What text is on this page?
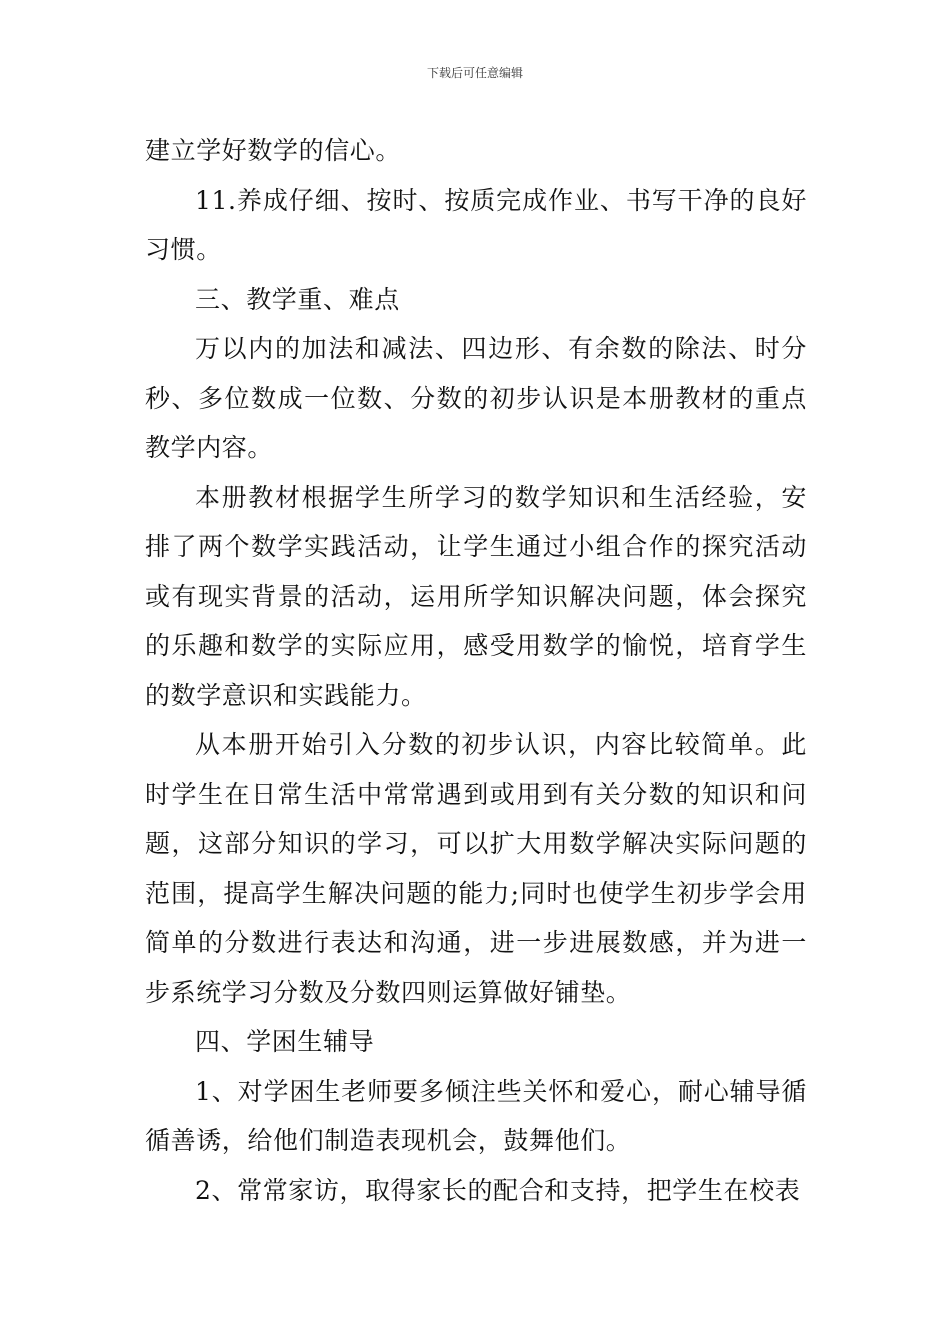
下载后可任意编辑

建立学好数学的信心。

11.养成仔细、按时、按质完成作业、书写干净的良好习惯。

三、教学重、难点

万以内的加法和减法、四边形、有余数的除法、时分秒、多位数成一位数、分数的初步认识是本册教材的重点教学内容。

本册教材根据学生所学习的数学知识和生活经验，安排了两个数学实践活动，让学生通过小组合作的探究活动或有现实背景的活动，运用所学知识解决问题，体会探究的乐趣和数学的实际应用，感受用数学的愉悦，培育学生的数学意识和实践能力。

从本册开始引入分数的初步认识，内容比较简单。此时学生在日常生活中常常遇到或用到有关分数的知识和问题，这部分知识的学习，可以扩大用数学解决实际问题的范围，提高学生解决问题的能力;同时也使学生初步学会用简单的分数进行表达和沟通，进一步进展数感，并为进一步系统学习分数及分数四则运算做好铺垫。

四、学困生辅导

1、对学困生老师要多倾注些关怀和爱心，耐心辅导循循善诱，给他们制造表现机会，鼓舞他们。

2、常常家访，取得家长的配合和支持，把学生在校表
